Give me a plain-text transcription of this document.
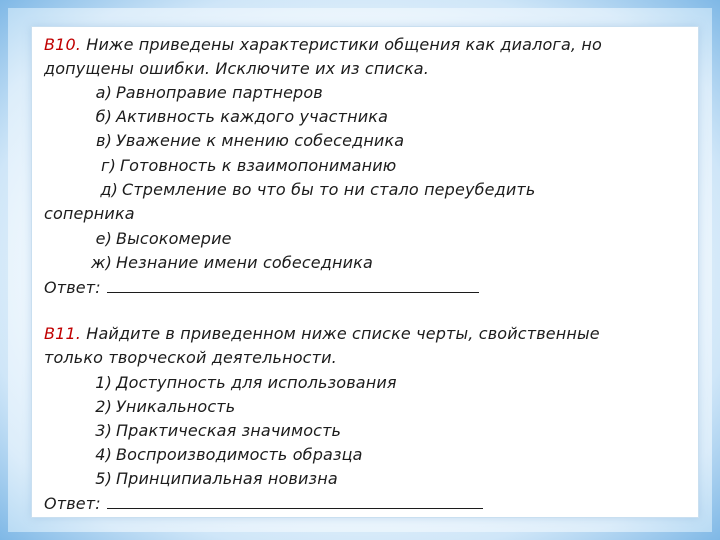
В10. Ниже приведены характеристики общения как диалога, но
допущены ошибки. Исключите их из списка.
а) Равноправие партнеров
б) Активность каждого участника
в) Уважение к мнению собеседника
г) Готовность к взаимопониманию
д) Стремление во что бы то ни стало переубедить
соперника
е) Высокомерие
ж) Незнание имени собеседника
Ответ:
В11. Найдите в приведенном ниже списке черты, свойственные
только творческой деятельности.
1) Доступность для использования
2) Уникальность
3) Практическая значимость
4) Воспроизводимость образца
5) Принципиальная новизна
Ответ:
